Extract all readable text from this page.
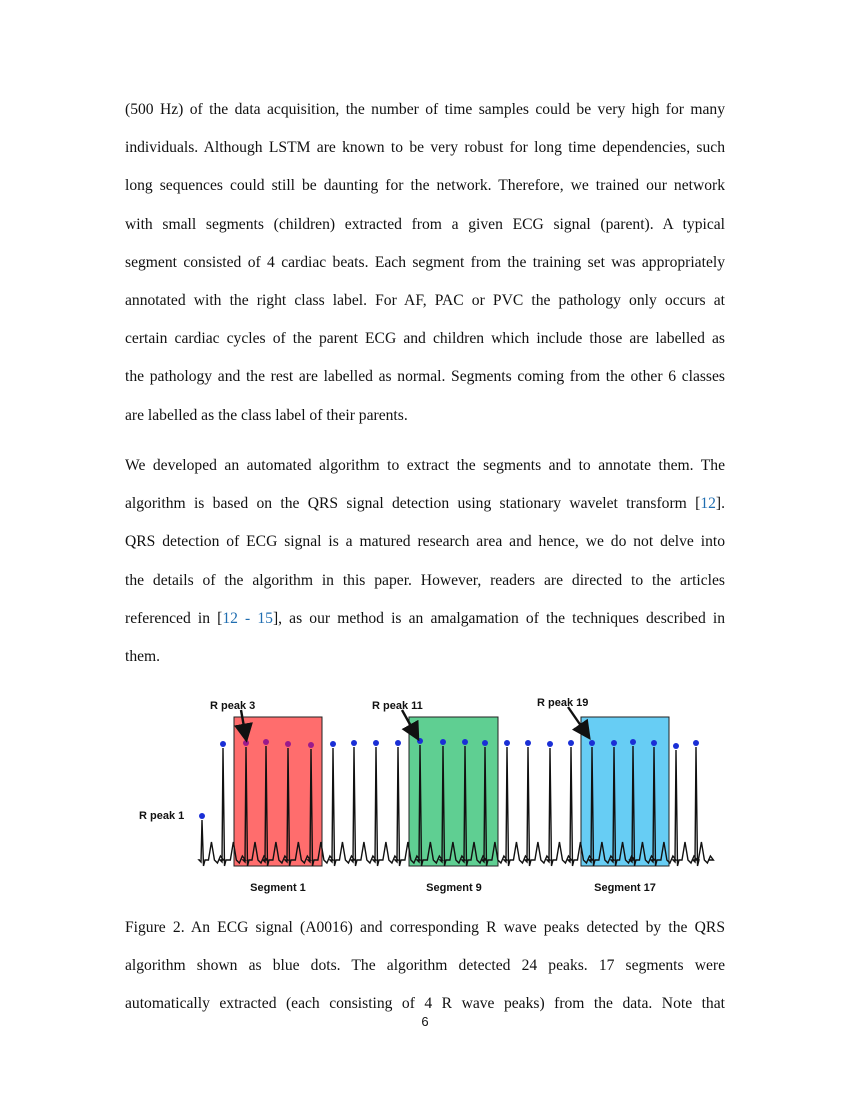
(500 Hz) of the data acquisition, the number of time samples could be very high for many
individuals. Although LSTM are known to be very robust for long time dependencies, such
long sequences could still be daunting for the network. Therefore, we trained our network
with small segments (children) extracted from a given ECG signal (parent). A typical
segment consisted of 4 cardiac beats. Each segment from the training set was appropriately
annotated with the right class label. For AF, PAC or PVC the pathology only occurs at
certain cardiac cycles of the parent ECG and children which include those are labelled as
the pathology and the rest are labelled as normal. Segments coming from the other 6 classes
are labelled as the class label of their parents.
We developed an automated algorithm to extract the segments and to annotate them. The
algorithm is based on the QRS signal detection using stationary wavelet transform [12].
QRS detection of ECG signal is a matured research area and hence, we do not delve into
the details of the algorithm in this paper. However, readers are directed to the articles
referenced in [12 - 15], as our method is an amalgamation of the techniques described in
them.
R peak 3	R peak 11	R peak 19
R peak 1
Segment 1	Segment 9	Segment 17
Figure 2. An ECG signal (A0016) and corresponding R wave peaks detected by the QRS
algorithm shown as blue dots. The algorithm detected 24 peaks. 17 segments were
automatically extracted (each consisting of 4 R wave peaks) from the data. Note that
6
